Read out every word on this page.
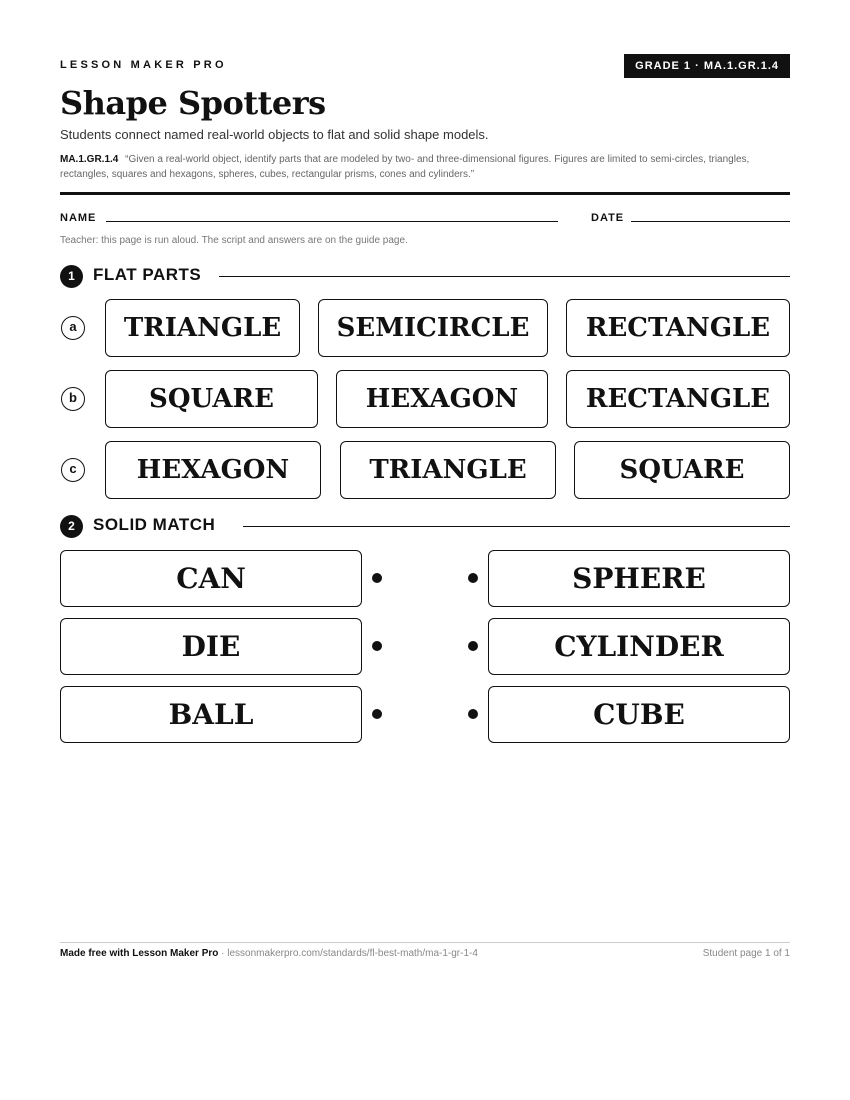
LESSON MAKER PRO	GRADE 1 · MA.1.GR.1.4
Shape Spotters
Students connect named real-world objects to flat and solid shape models.
MA.1.GR.1.4 “Given a real-world object, identify parts that are modeled by two- and three-dimensional figures. Figures are limited to semi-circles, triangles, rectangles, squares and hexagons, spheres, cubes, rectangular prisms, cones and cylinders.”
NAME	DATE
Teacher: this page is run aloud. The script and answers are on the guide page.
1	FLAT PARTS
a	TRIANGLE	SEMICIRCLE	RECTANGLE
b	SQUARE	HEXAGON	RECTANGLE
c	HEXAGON	TRIANGLE	SQUARE
2	SOLID MATCH
CAN	SPHERE
DIE	CYLINDER
BALL	CUBE
Made free with Lesson Maker Pro · lessonmakerpro.com/standards/fl-best-math/ma-1-gr-1-4	Student page 1 of 1
